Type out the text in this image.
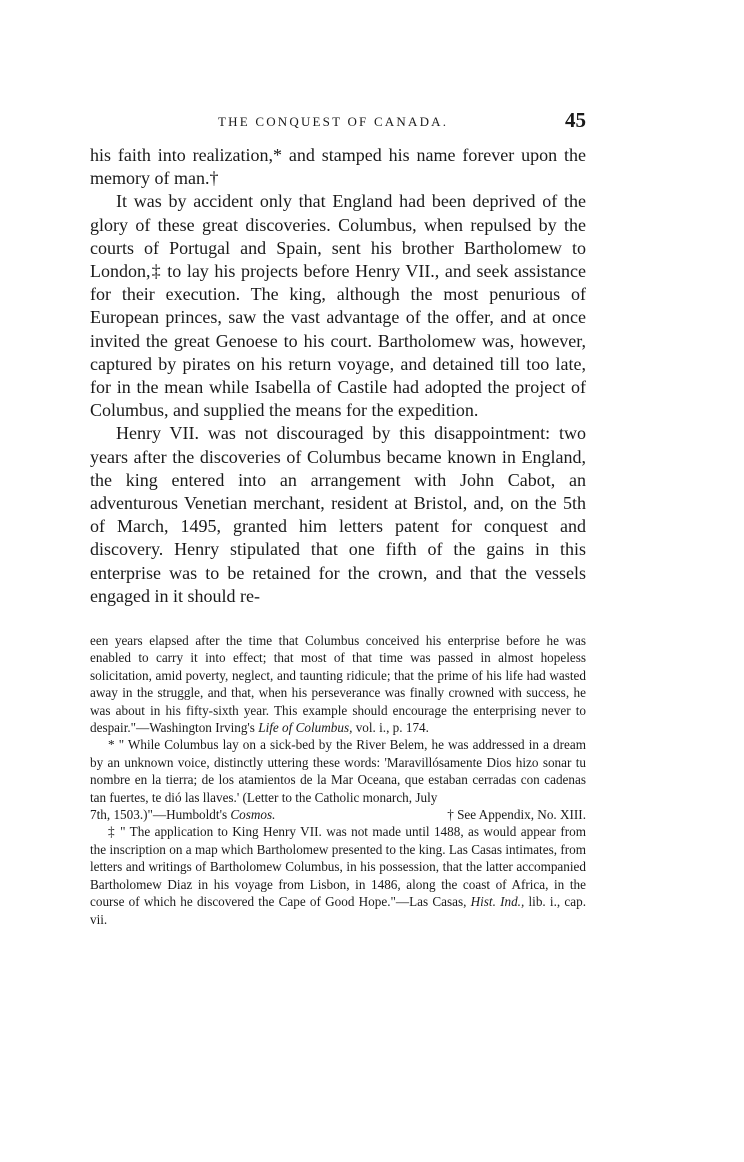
THE CONQUEST OF CANADA.	45

his faith into realization,* and stamped his name forever upon the memory of man.†

It was by accident only that England had been deprived of the glory of these great discoveries. Columbus, when repulsed by the courts of Portugal and Spain, sent his brother Bartholomew to London,‡ to lay his projects before Henry VII., and seek assistance for their execution. The king, although the most penurious of European princes, saw the vast advantage of the offer, and at once invited the great Genoese to his court. Bartholomew was, however, captured by pirates on his return voyage, and detained till too late, for in the mean while Isabella of Castile had adopted the project of Columbus, and supplied the means for the expedition.

Henry VII. was not discouraged by this disappointment: two years after the discoveries of Columbus became known in England, the king entered into an arrangement with John Cabot, an adventurous Venetian merchant, resident at Bristol, and, on the 5th of March, 1495, granted him letters patent for conquest and discovery. Henry stipulated that one fifth of the gains in this enterprise was to be retained for the crown, and that the vessels engaged in it should re-

een years elapsed after the time that Columbus conceived his enterprise before he was enabled to carry it into effect; that most of that time was passed in almost hopeless solicitation, amid poverty, neglect, and taunting ridicule; that the prime of his life had wasted away in the struggle, and that, when his perseverance was finally crowned with success, he was about in his fifty-sixth year. This example should encourage the enterprising never to despair."—Washington Irving's Life of Columbus, vol. i., p. 174.

* " While Columbus lay on a sick-bed by the River Belem, he was addressed in a dream by an unknown voice, distinctly uttering these words: 'Maravillósamente Dios hizo sonar tu nombre en la tierra; de los atamientos de la Mar Oceana, que estaban cerradas con cadenas tan fuertes, te dió las llaves.' (Letter to the Catholic monarch, July

7th, 1503.)"—Humboldt's Cosmos.	† See Appendix, No. XIII.

‡ " The application to King Henry VII. was not made until 1488, as would appear from the inscription on a map which Bartholomew presented to the king. Las Casas intimates, from letters and writings of Bartholomew Columbus, in his possession, that the latter accompanied Bartholomew Diaz in his voyage from Lisbon, in 1486, along the coast of Africa, in the course of which he discovered the Cape of Good Hope."—Las Casas, Hist. Ind., lib. i., cap. vii.
